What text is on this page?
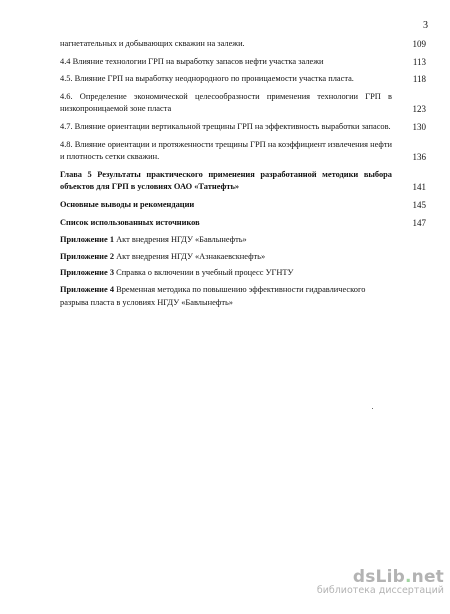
3
нагнетательных и добывающих скважин на залежи.	109
4.4 Влияние технологии ГРП на выработку запасов нефти участка залежи	113
4.5. Влияние ГРП на выработку неоднородного по проницаемости участка пласта.	118
4.6. Определение экономической целесообразности применения технологии ГРП в низкопроницаемой зоне пласта	123
4.7. Влияние ориентации вертикальной трещины ГРП на эффективность выработки запасов.	130
4.8. Влияние ориентации и протяженности трещины ГРП на коэффициент извлечения нефти и плотность сетки скважин.	136
Глава 5 Результаты практического применения разработанной методики выбора объектов для ГРП в условиях ОАО «Татнефть»	141
Основные выводы и рекомендации	145
Список использованных источников	147
Приложение 1 Акт внедрения НГДУ «Бавлынефть»
Приложение 2 Акт внедрения НГДУ «Азнакаевскнефть»
Приложение 3 Справка о включении в учебный процесс УГНТУ
Приложение 4 Временная методика по повышению эффективности гидравлического разрыва пласта в условиях НГДУ «Бавлынефть»
dsLib.net
библиотека диссертаций
